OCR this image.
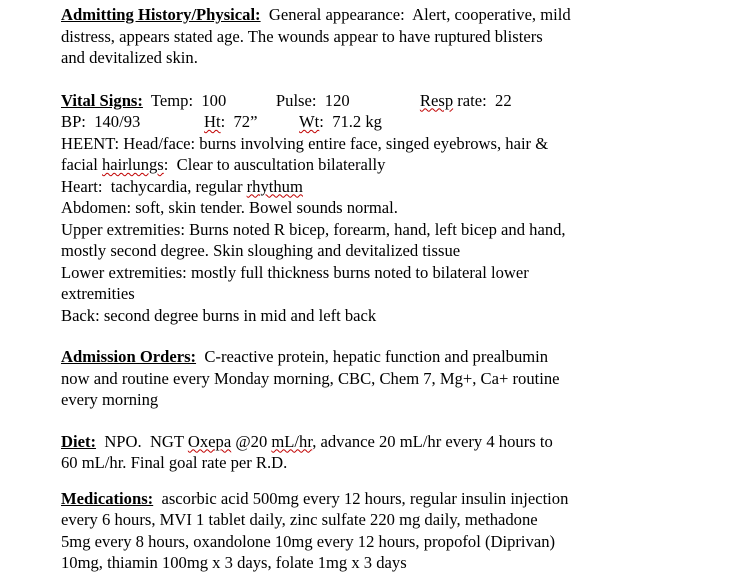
Admitting History/Physical:  General appearance:  Alert, cooperative, mild
distress, appears stated age. The wounds appear to have ruptured blisters
and devitalized skin.
Vital Signs:  Temp:  100	Pulse:  120	Resp rate:  22
BP:  140/93	Ht:  72”	Wt:  71.2 kg
HEENT: Head/face: burns involving entire face, singed eyebrows, hair &
facial hairlungs:  Clear to auscultation bilaterally
Heart:  tachycardia, regular rhythum
Abdomen: soft, skin tender. Bowel sounds normal.
Upper extremities: Burns noted R bicep, forearm, hand, left bicep and hand,
mostly second degree. Skin sloughing and devitalized tissue
Lower extremities: mostly full thickness burns noted to bilateral lower
extremities
Back: second degree burns in mid and left back
Admission Orders:  C-reactive protein, hepatic function and prealbumin
now and routine every Monday morning, CBC, Chem 7, Mg+, Ca+ routine
every morning
Diet:  NPO.  NGT Oxepa @20 mL/hr, advance 20 mL/hr every 4 hours to
60 mL/hr. Final goal rate per R.D.
Medications:  ascorbic acid 500mg every 12 hours, regular insulin injection
every 6 hours, MVI 1 tablet daily, zinc sulfate 220 mg daily, methadone
5mg every 8 hours, oxandolone 10mg every 12 hours, propofol (Diprivan)
10mg, thiamin 100mg x 3 days, folate 1mg x 3 days
